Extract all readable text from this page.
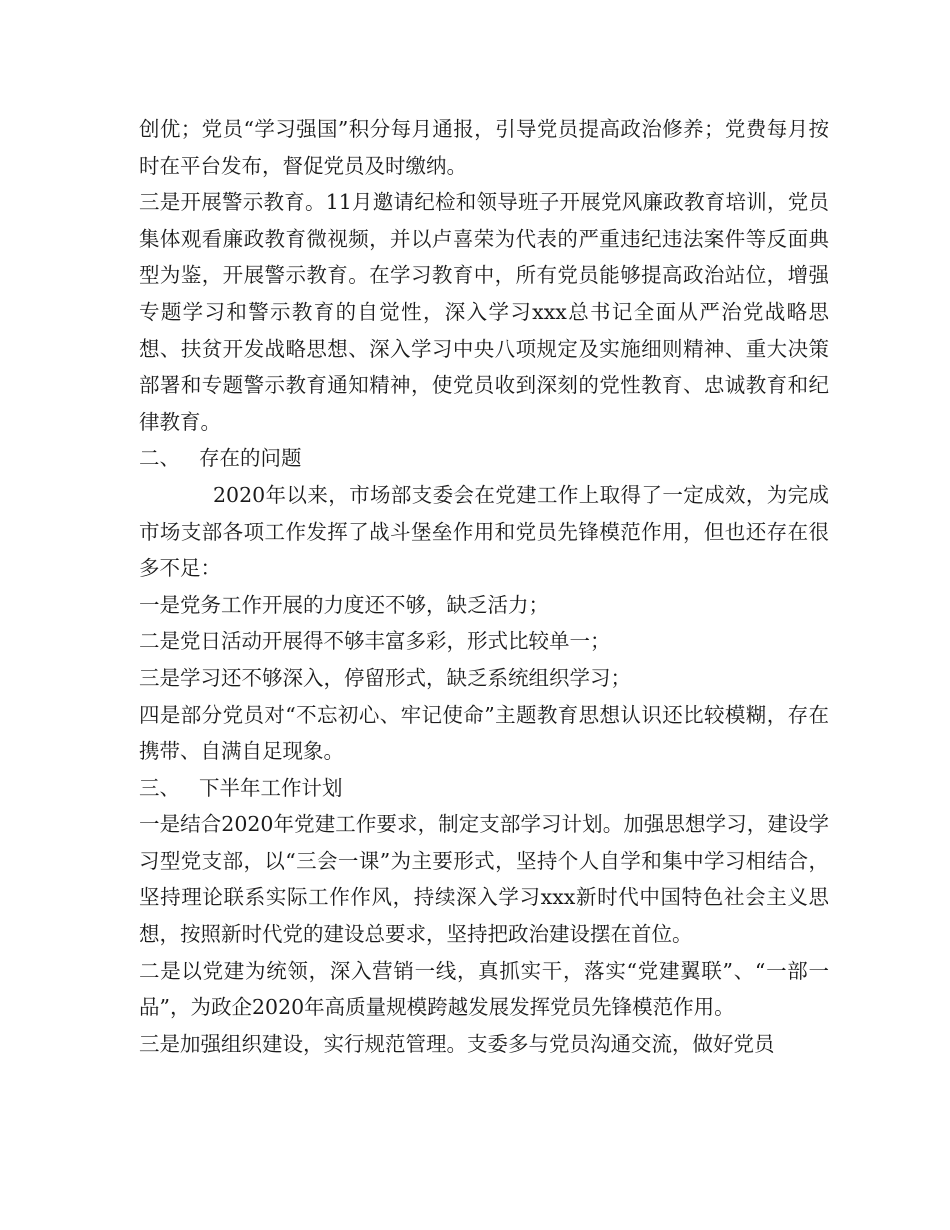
创优；党员“学习强国”积分每月通报，引导党员提高政治修养；党费每月按时在平台发布，督促党员及时缴纳。

三是开展警示教育。11月邀请纪检和领导班子开展党风廉政教育培训，党员集体观看廉政教育微视频，并以卢喜荣为代表的严重违纪违法案件等反面典型为鉴，开展警示教育。在学习教育中，所有党员能够提高政治站位，增强专题学习和警示教育的自觉性，深入学习xxx总书记全面从严治党战略思想、扶贫开发战略思想、深入学习中央八项规定及实施细则精神、重大决策部署和专题警示教育通知精神，使党员收到深刻的党性教育、忠诚教育和纪律教育。

二、 存在的问题

2020年以来，市场部支委会在党建工作上取得了一定成效，为完成市场支部各项工作发挥了战斗堡垒作用和党员先锋模范作用，但也还存在很多不足：

一是党务工作开展的力度还不够，缺乏活力；

二是党日活动开展得不够丰富多彩，形式比较单一；

三是学习还不够深入，停留形式，缺乏系统组织学习；

四是部分党员对“不忘初心、牢记使命”主题教育思想认识还比较模糊，存在携带、自满自足现象。

三、 下半年工作计划

一是结合2020年党建工作要求，制定支部学习计划。加强思想学习，建设学习型党支部，以“三会一课”为主要形式，坚持个人自学和集中学习相结合，坚持理论联系实际工作作风，持续深入学习xxx新时代中国特色社会主义思想，按照新时代党的建设总要求，坚持把政治建设摆在首位。

二是以党建为统领，深入营销一线，真抓实干，落实“党建翼联”、“一部一品”，为政企2020年高质量规模跨越发展发挥党员先锋模范作用。

三是加强组织建设，实行规范管理。支委多与党员沟通交流，做好党员
